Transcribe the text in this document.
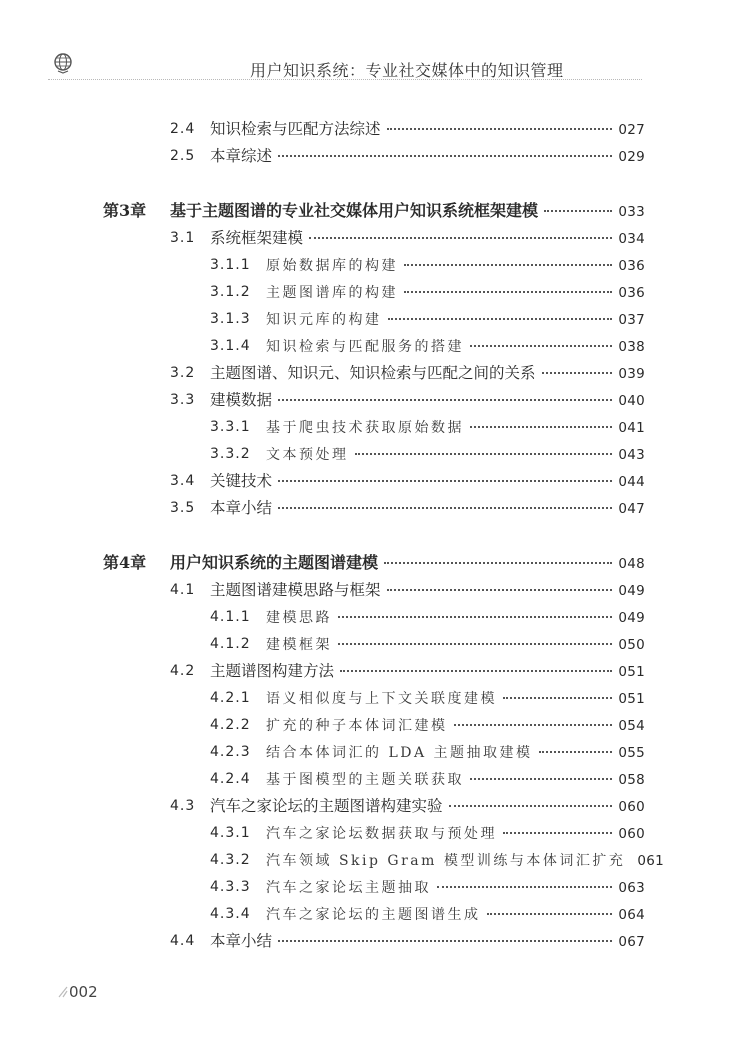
用户知识系统：专业社交媒体中的知识管理
2.4 知识检索与匹配方法综述	027
2.5 本章综述	029
第3章 基于主题图谱的专业社交媒体用户知识系统框架建模	033
3.1 系统框架建模	034
3.1.1 原始数据库的构建	036
3.1.2 主题图谱库的构建	036
3.1.3 知识元库的构建	037
3.1.4 知识检索与匹配服务的搭建	038
3.2 主题图谱、知识元、知识检索与匹配之间的关系	039
3.3 建模数据	040
3.3.1 基于爬虫技术获取原始数据	041
3.3.2 文本预处理	043
3.4 关键技术	044
3.5 本章小结	047
第4章 用户知识系统的主题图谱建模	048
4.1 主题图谱建模思路与框架	049
4.1.1 建模思路	049
4.1.2 建模框架	050
4.2 主题谱图构建方法	051
4.2.1 语义相似度与上下文关联度建模	051
4.2.2 扩充的种子本体词汇建模	054
4.2.3 结合本体词汇的 LDA 主题抽取建模	055
4.2.4 基于图模型的主题关联获取	058
4.3 汽车之家论坛的主题图谱构建实验	060
4.3.1 汽车之家论坛数据获取与预处理	060
4.3.2 汽车领域 Skip Gram 模型训练与本体词汇扩充 061
4.3.3 汽车之家论坛主题抽取	063
4.3.4 汽车之家论坛的主题图谱生成	064
4.4 本章小结	067
002
